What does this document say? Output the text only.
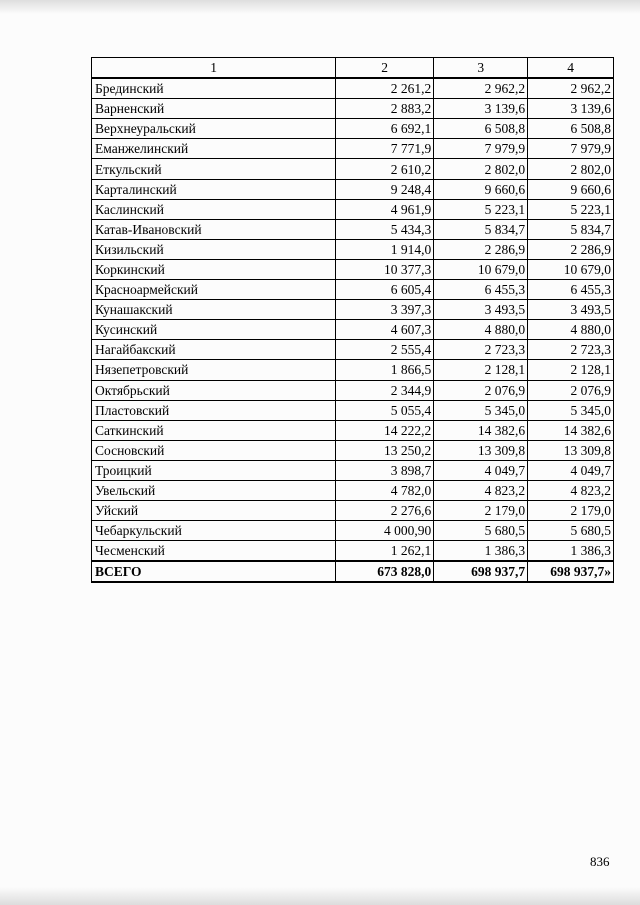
1	2	3	4
Брединский	2 261,2	2 962,2	2 962,2
Варненский	2 883,2	3 139,6	3 139,6
Верхнеуральский	6 692,1	6 508,8	6 508,8
Еманжелинский	7 771,9	7 979,9	7 979,9
Еткульский	2 610,2	2 802,0	2 802,0
Карталинский	9 248,4	9 660,6	9 660,6
Каслинский	4 961,9	5 223,1	5 223,1
Катав-Ивановский	5 434,3	5 834,7	5 834,7
Кизильский	1 914,0	2 286,9	2 286,9
Коркинский	10 377,3	10 679,0	10 679,0
Красноармейский	6 605,4	6 455,3	6 455,3
Кунашакский	3 397,3	3 493,5	3 493,5
Кусинский	4 607,3	4 880,0	4 880,0
Нагайбакский	2 555,4	2 723,3	2 723,3
Нязепетровский	1 866,5	2 128,1	2 128,1
Октябрьский	2 344,9	2 076,9	2 076,9
Пластовский	5 055,4	5 345,0	5 345,0
Саткинский	14 222,2	14 382,6	14 382,6
Сосновский	13 250,2	13 309,8	13 309,8
Троицкий	3 898,7	4 049,7	4 049,7
Увельский	4 782,0	4 823,2	4 823,2
Уйский	2 276,6	2 179,0	2 179,0
Чебаркульский	4 000,90	5 680,5	5 680,5
Чесменский	1 262,1	1 386,3	1 386,3
ВСЕГО	673 828,0	698 937,7	698 937,7»
836
